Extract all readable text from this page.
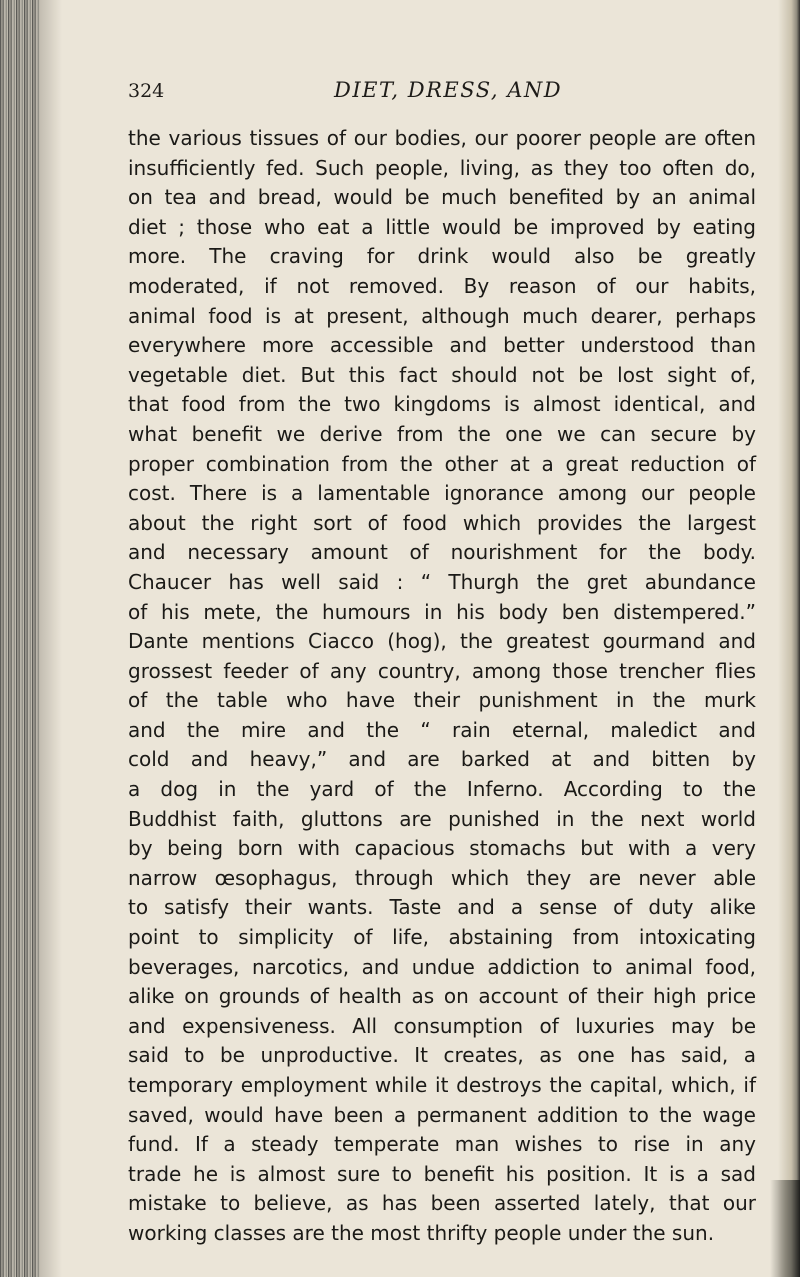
324	DIET, DRESS, AND
the various tissues of our bodies, our poorer people are often
insufficiently fed. Such people, living, as they too often do,
on tea and bread, would be much benefited by an animal
diet ; those who eat a little would be improved by eating
more. The craving for drink would also be greatly
moderated, if not removed. By reason of our habits,
animal food is at present, although much dearer, perhaps
everywhere more accessible and better understood than
vegetable diet. But this fact should not be lost sight of,
that food from the two kingdoms is almost identical, and
what benefit we derive from the one we can secure by
proper combination from the other at a great reduction of
cost. There is a lamentable ignorance among our people
about the right sort of food which provides the largest
and necessary amount of nourishment for the body.
Chaucer has well said : “ Thurgh the gret abundance
of his mete, the humours in his body ben distempered.”
Dante mentions Ciacco (hog), the greatest gourmand and
grossest feeder of any country, among those trencher flies
of the table who have their punishment in the murk
and the mire and the “ rain eternal, maledict and
cold and heavy,” and are barked at and bitten by
a dog in the yard of the Inferno. According to the
Buddhist faith, gluttons are punished in the next world
by being born with capacious stomachs but with a very
narrow œsophagus, through which they are never able
to satisfy their wants. Taste and a sense of duty alike
point to simplicity of life, abstaining from intoxicating
beverages, narcotics, and undue addiction to animal food,
alike on grounds of health as on account of their high price
and expensiveness. All consumption of luxuries may be
said to be unproductive. It creates, as one has said, a
temporary employment while it destroys the capital, which, if
saved, would have been a permanent addition to the wage
fund. If a steady temperate man wishes to rise in any
trade he is almost sure to benefit his position. It is a sad
mistake to believe, as has been asserted lately, that our
working classes are the most thrifty people under the sun.
